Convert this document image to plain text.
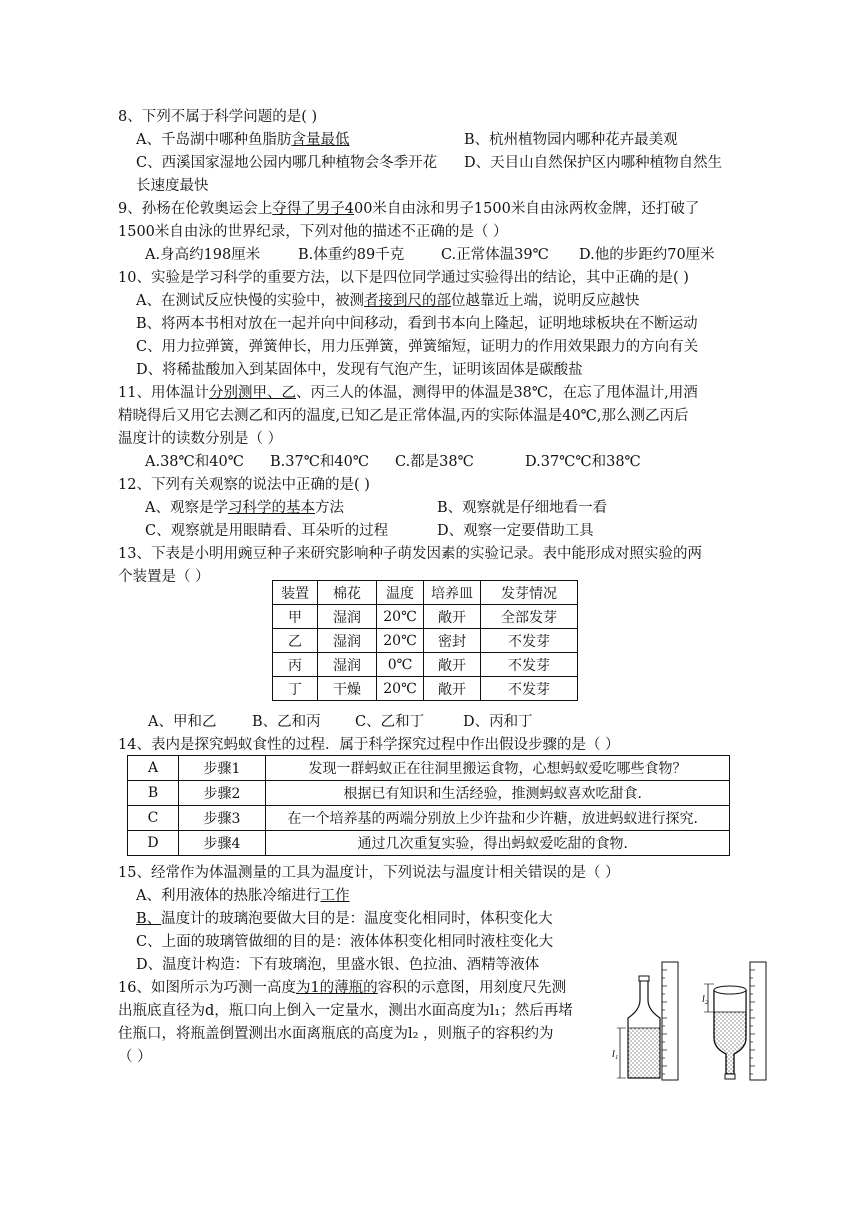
8、下列不属于科学问题的是( )
A、千岛湖中哪种鱼脂肪含量最低	B、杭州植物园内哪种花卉最美观
C、西溪国家湿地公园内哪几种植物会冬季开花 D、天目山自然保护区内哪种植物自然生
长速度最快
9、孙杨在伦敦奥运会上夺得了男子400米自由泳和男子1500米自由泳两枚金牌，还打破了
1500米自由泳的世界纪录，下列对他的描述不正确的是（ ）
A.身高约198厘米	B.体重约89千克	C.正常体温39℃ D.他的步距约70厘米
10、实验是学习科学的重要方法，以下是四位同学通过实验得出的结论，其中正确的是( )
A、在测试反应快慢的实验中，被测者接到尺的部位越靠近上端，说明反应越快
B、将两本书相对放在一起并向中间移动，看到书本向上隆起，证明地球板块在不断运动
C、用力拉弹簧，弹簧伸长，用力压弹簧，弹簧缩短，证明力的作用效果跟力的方向有关
D、将稀盐酸加入到某固体中，发现有气泡产生，证明该固体是碳酸盐
11、用体温计分别测甲、乙、丙三人的体温，测得甲的体温是38℃，在忘了甩体温计,用酒
精晓得后又用它去测乙和丙的温度,已知乙是正常体温,丙的实际体温是40℃,那么测乙丙后
温度计的读数分别是（ ）
A.38℃和40℃ B.37℃和40℃ C.都是38℃	D.37℃℃和38℃
12、下列有关观察的说法中正确的是( )
A、观察是学习科学的基本方法	B、观察就是仔细地看一看
C、观察就是用眼睛看、耳朵听的过程	D、观察一定要借助工具
13、下表是小明用豌豆种子来研究影响种子萌发因素的实验记录。表中能形成对照实验的两
个装置是（ ）
装置	棉花	温度	培养皿	发芽情况
甲	湿润	20℃	敞开	全部发芽
乙	湿润	20℃	密封	不发芽
丙	湿润	0℃	敞开	不发芽
丁	干燥	20℃	敞开	不发芽
A、甲和乙 B、乙和丙 C、乙和丁	D、丙和丁
14、表内是探究蚂蚁食性的过程．属于科学探究过程中作出假设步骤的是（ ）
A	步骤1	发现一群蚂蚁正在往洞里搬运食物，心想蚂蚁爱吃哪些食物？
B	步骤2	根据已有知识和生活经验，推测蚂蚁喜欢吃甜食．
C	步骤3	在一个培养基的两端分别放上少许盐和少许糖，放进蚂蚁进行探究．
D	步骤4	通过几次重复实验，得出蚂蚁爱吃甜的食物．
15、经常作为体温测量的工具为温度计，下列说法与温度计相关错误的是（ ）
A、利用液体的热胀冷缩进行工作
B、温度计的玻璃泡要做大目的是：温度变化相同时，体积变化大
C、上面的玻璃管做细的目的是：液体体积变化相同时液柱变化大
D、温度计构造：下有玻璃泡，里盛水银、色拉油、酒精等液体
16、如图所示为巧测一高度为1的薄瓶的容积的示意图，用刻度尺先测
出瓶底直径为d，瓶口向上倒入一定量水，测出水面高度为l₁；然后再堵
住瓶口，将瓶盖倒置测出水面离瓶底的高度为l₂ ，则瓶子的容积约为
（ ）	l₁
l₂
